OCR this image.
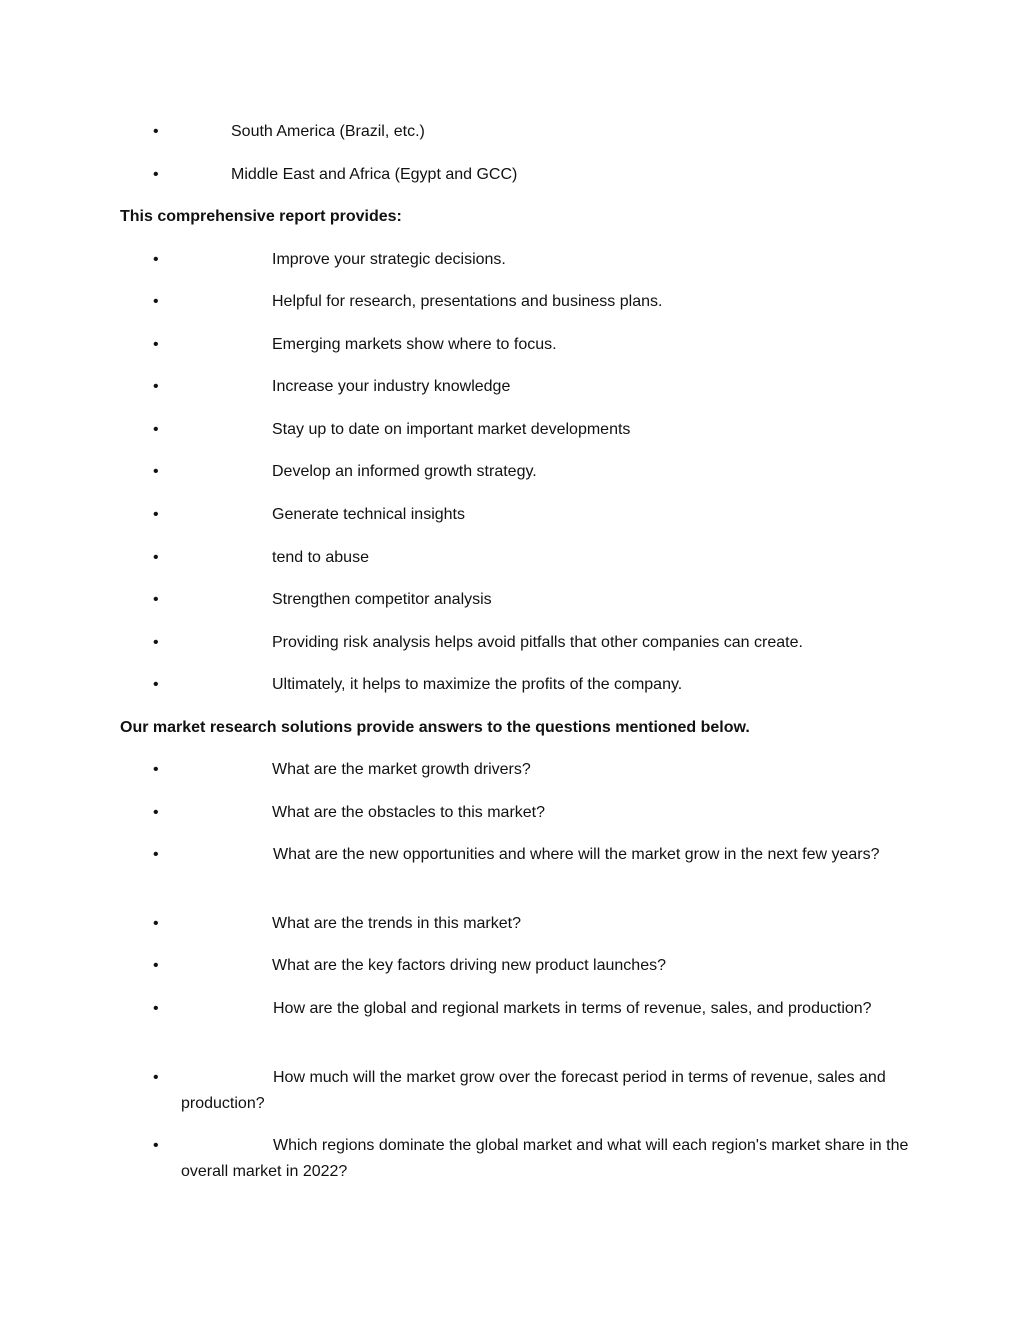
•	South America (Brazil, etc.)
•	Middle East and Africa (Egypt and GCC)
This comprehensive report provides:
•	Improve your strategic decisions.
•	Helpful for research, presentations and business plans.
•	Emerging markets show where to focus.
•	Increase your industry knowledge
•	Stay up to date on important market developments
•	Develop an informed growth strategy.
•	Generate technical insights
•	tend to abuse
•	Strengthen competitor analysis
•	Providing risk analysis helps avoid pitfalls that other companies can create.
•	Ultimately, it helps to maximize the profits of the company.
Our market research solutions provide answers to the questions mentioned below.
•	What are the market growth drivers?
•	What are the obstacles to this market?
•	What are the new opportunities and where will the market grow in the next few years?
•	What are the trends in this market?
•	What are the key factors driving new product launches?
•	How are the global and regional markets in terms of revenue, sales, and production?
•	How much will the market grow over the forecast period in terms of revenue, sales and production?
•	Which regions dominate the global market and what will each region's market share in the overall market in 2022?
